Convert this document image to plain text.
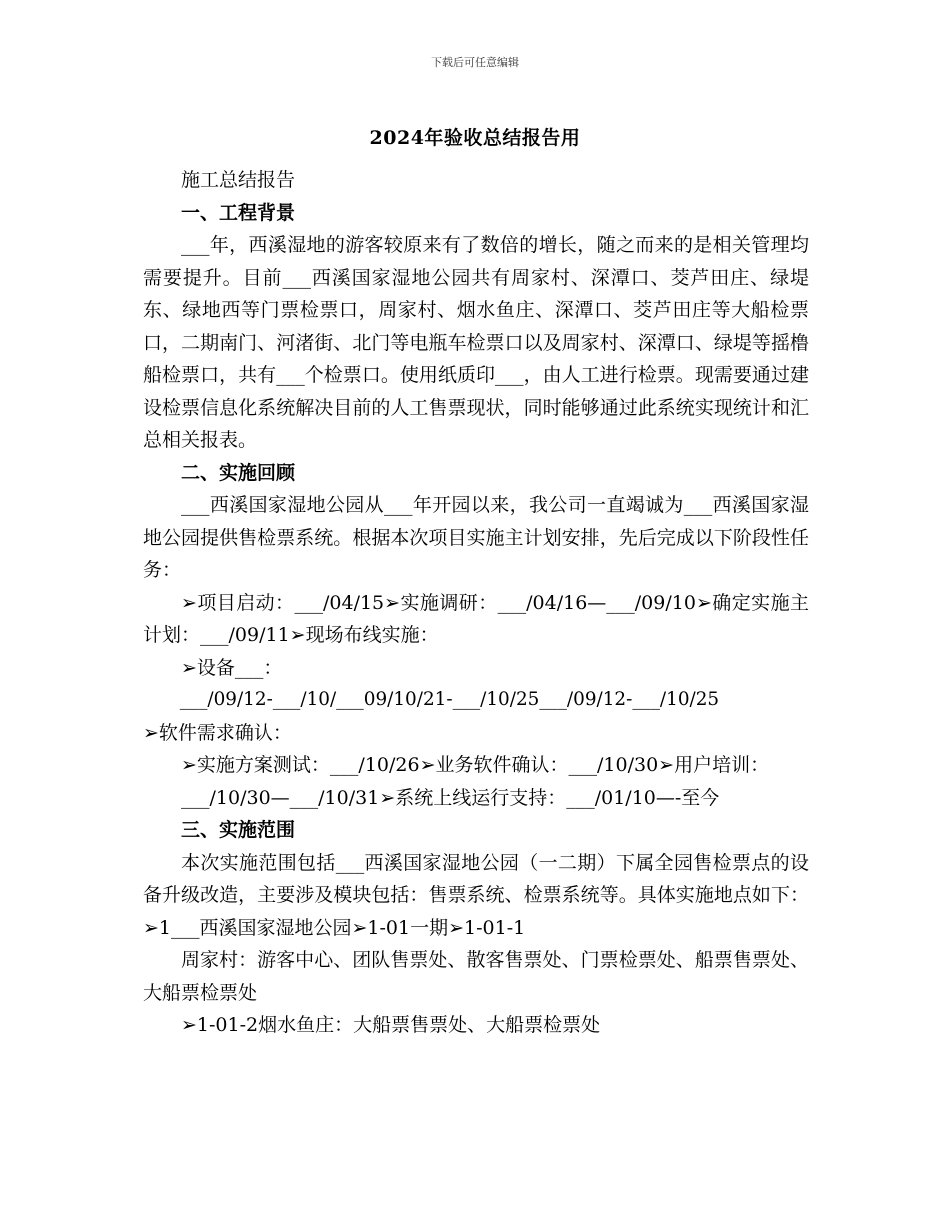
下载后可任意编辑
2024年验收总结报告用

施工总结报告

一、工程背景

___年，西溪湿地的游客较原来有了数倍的增长，随之而来的是相关管理均需要提升。目前___西溪国家湿地公园共有周家村、深潭口、茭芦田庄、绿堤东、绿地西等门票检票口，周家村、烟水鱼庄、深潭口、茭芦田庄等大船检票口，二期南门、河渚街、北门等电瓶车检票口以及周家村、深潭口、绿堤等摇橹船检票口，共有___个检票口。使用纸质印___，由人工进行检票。现需要通过建设检票信息化系统解决目前的人工售票现状，同时能够通过此系统实现统计和汇总相关报表。

二、实施回顾

___西溪国家湿地公园从___年开园以来，我公司一直竭诚为___西溪国家湿地公园提供售检票系统。根据本次项目实施主计划安排，先后完成以下阶段性任务：

➢项目启动：___/04/15➢实施调研：___/04/16—___/09/10➢确定实施主计划：___/09/11➢现场布线实施：

➢设备___：

___/09/12-___/10/___09/10/21-___/10/25___/09/12-___/10/25

➢软件需求确认：

➢实施方案测试：___/10/26➢业务软件确认：___/10/30➢用户培训：

___/10/30—___/10/31➢系统上线运行支持：___/01/10—-至今

三、实施范围

本次实施范围包括___西溪国家湿地公园（一二期）下属全园售检票点的设备升级改造，主要涉及模块包括：售票系统、检票系统等。具体实施地点如下：➢1___西溪国家湿地公园➢1-01一期➢1-01-1

周家村：游客中心、团队售票处、散客售票处、门票检票处、船票售票处、大船票检票处

➢1-01-2烟水鱼庄：大船票售票处、大船票检票处
